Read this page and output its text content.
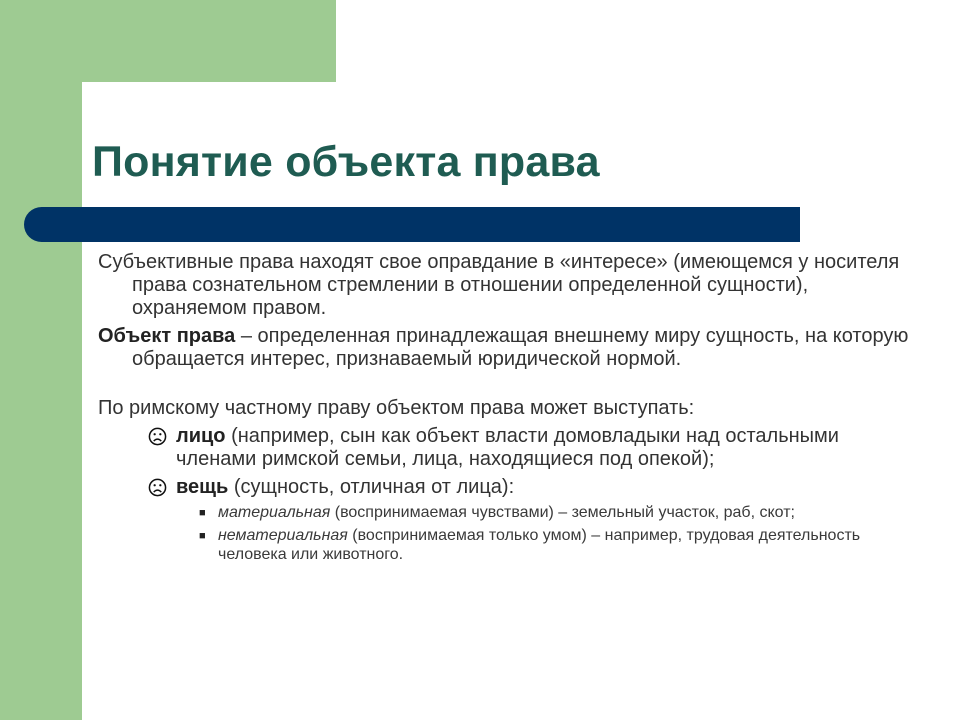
Понятие объекта права

Субъективные права находят свое оправдание в «интересе» (имеющемся у носителя права сознательном стремлении в отношении определенной сущности), охраняемом правом.

Объект права – определенная принадлежащая внешнему миру сущность, на которую обращается интерес, признаваемый юридической нормой.

По римскому частному праву объектом права может выступать:

лицо (например, сын как объект власти домовладыки над остальными членами римской семьи, лица, находящиеся под опекой);
вещь (сущность, отличная от лица):
■ материальная (воспринимаемая чувствами) – земельный участок, раб, скот;
■ нематериальная (воспринимаемая только умом) – например, трудовая деятельность человека или животного.
